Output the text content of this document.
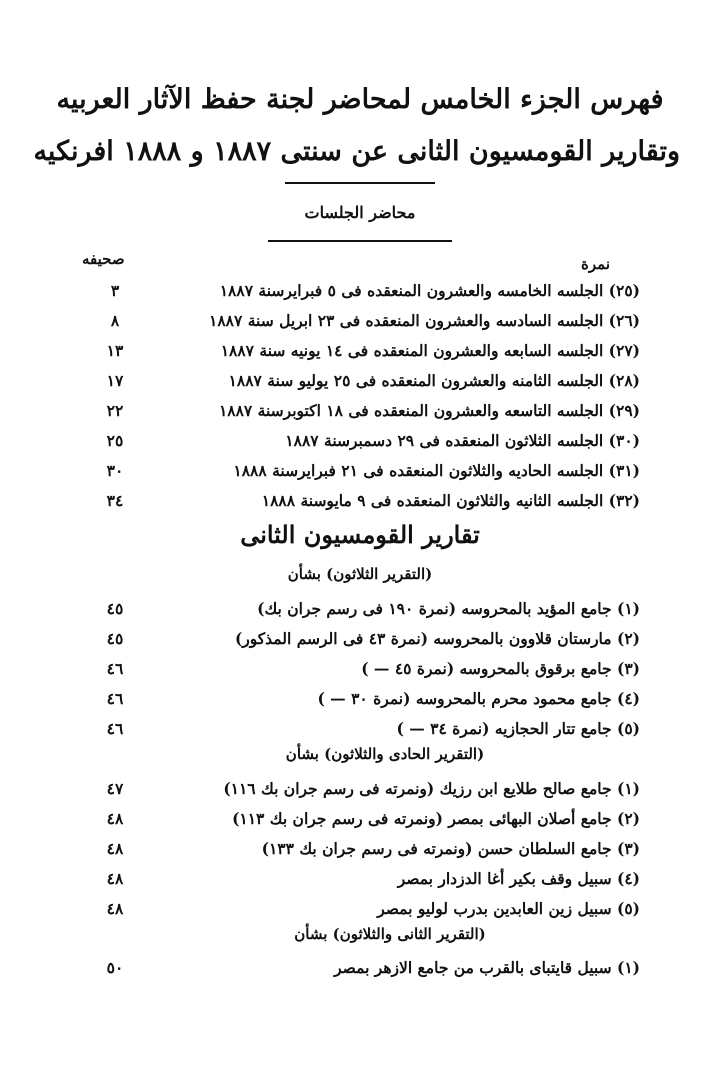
فهرس الجزء الخامس لمحاضر لجنة حفظ الآثار العربيه
وتقارير القومسيون الثانى عن سنتى ١٨٨٧ و ١٨٨٨ افرنكيه
محاضر الجلسات
نمرة
صحيفه
٣	(٢٥) الجلسه الخامسه والعشرون المنعقده فى ٥ فبرايرسنة ١٨٨٧
٨	(٢٦) الجلسه السادسه والعشرون المنعقده فى ٢٣ ابريل سنة ١٨٨٧
١٣	(٢٧) الجلسه السابعه والعشرون المنعقده فى ١٤ يونيه سنة ١٨٨٧
١٧	(٢٨) الجلسه الثامنه والعشرون المنعقده فى ٢٥ يوليو سنة ١٨٨٧
٢٢	(٢٩) الجلسه التاسعه والعشرون المنعقده فى ١٨ اكتوبرسنة ١٨٨٧
٢٥	(٣٠) الجلسه الثلاثون المنعقده فى ٢٩ دسمبرسنة ١٨٨٧
٣٠	(٣١) الجلسه الحاديه والثلاثون المنعقده فى ٢١ فبرايرسنة ١٨٨٨
٣٤	(٣٢) الجلسه الثانيه والثلاثون المنعقده فى ٩ مايوسنة ١٨٨٨
تقارير القومسيون الثانى
(التقرير الثلاثون) بشأن
٤٥	(١) جامع المؤيد بالمحروسه (نمرة ١٩٠ فى رسم جران بك)
٤٥	(٢) مارستان قلاوون بالمحروسه (نمرة ٤٣ فى الرسم المذكور)
٤٦	(٣) جامع برقوق بالمحروسه (نمرة ٤٥ — )
٤٦	(٤) جامع محمود محرم بالمحروسه (نمرة ٣٠ — )
٤٦	(٥) جامع تتار الحجازيه (نمرة ٣٤ — )
(التقرير الحادى والثلاثون) بشأن
٤٧	(١) جامع صالح طلايع ابن رزيك (ونمرته فى رسم جران بك ١١٦)
٤٨	(٢) جامع أصلان البهائى بمصر (ونمرته فى رسم جران بك ١١٣)
٤٨	(٣) جامع السلطان حسن (ونمرته فى رسم جران بك ١٣٣)
٤٨	(٤) سبيل وقف بكير أغا الدزدار بمصر
٤٨	(٥) سبيل زين العابدين بدرب لوليو بمصر
(التقرير الثانى والثلاثون) بشأن
٥٠	(١) سبيل قايتباى بالقرب من جامع الازهر بمصر
